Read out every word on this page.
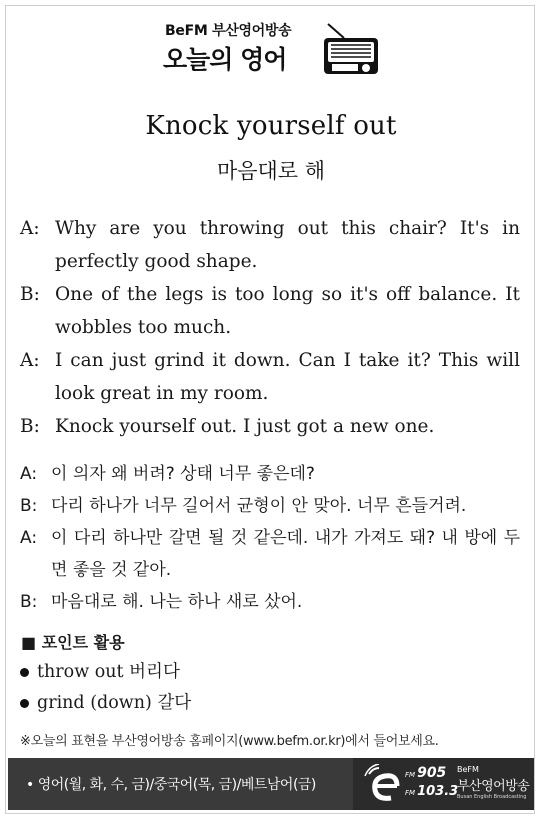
BeFM 부산영어방송
오늘의 영어
Knock yourself out
마음대로 해
A: Why are you throwing out this chair? It's in perfectly good shape.
B: One of the legs is too long so it's off balance. It wobbles too much.
A: I can just grind it down. Can I take it? This will look great in my room.
B: Knock yourself out. I just got a new one.
A: 이 의자 왜 버려? 상태 너무 좋은데?
B: 다리 하나가 너무 길어서 균형이 안 맞아. 너무 흔들거려.
A: 이 다리 하나만 갈면 될 것 같은데. 내가 가져도 돼? 내 방에 두면 좋을 것 같아.
B: 마음대로 해. 나는 하나 새로 샀어.
■ 포인트 활용
throw out 버리다
grind (down) 갈다
※오늘의 표현을 부산영어방송 홈페이지(www.befm.or.kr)에서 들어보세요.
• 영어(월, 화, 수, 금)/중국어(목, 금)/베트남어(금)
FM 905
FM 103.3
BeFM
부산영어방송
Busan English Broadcasting
